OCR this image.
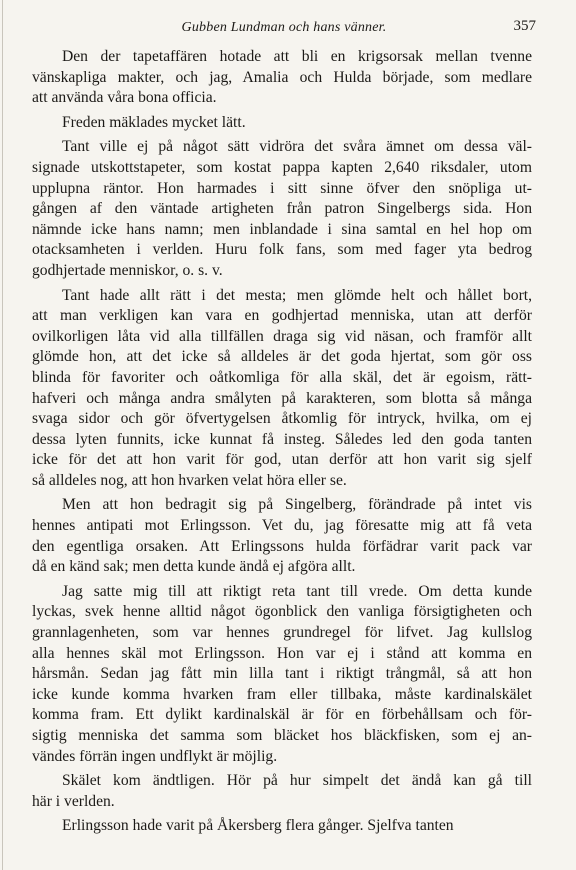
Gubben Lundman och hans vänner.	357
Den der tapetaffären hotade att bli en krigsorsak mellan tvenne
vänskapliga makter, och jag, Amalia och Hulda började, som medlare
att använda våra bona officia.
Freden mäklades mycket lätt.
Tant ville ej på något sätt vidröra det svåra ämnet om dessa väl-
signade utskottstapeter, som kostat pappa kapten 2,640 riksdaler, utom
upplupna räntor. Hon harmades i sitt sinne öfver den snöpliga ut-
gången af den väntade artigheten från patron Singelbergs sida. Hon
nämnde icke hans namn; men inblandade i sina samtal en hel hop om
otacksamheten i verlden. Huru folk fans, som med fager yta bedrog
godhjertade menniskor, o. s. v.
Tant hade allt rätt i det mesta; men glömde helt och hållet bort,
att man verkligen kan vara en godhjertad menniska, utan att derför
ovilkorligen låta vid alla tillfällen draga sig vid näsan, och framför allt
glömde hon, att det icke så alldeles är det goda hjertat, som gör oss
blinda för favoriter och oåtkomliga för alla skäl, det är egoism, rätt-
hafveri och många andra smålyten på karakteren, som blotta så många
svaga sidor och gör öfvertygelsen åtkomlig för intryck, hvilka, om ej
dessa lyten funnits, icke kunnat få insteg. Således led den goda tanten
icke för det att hon varit för god, utan derför att hon varit sig sjelf
så alldeles nog, att hon hvarken velat höra eller se.
Men att hon bedragit sig på Singelberg, förändrade på intet vis
hennes antipati mot Erlingsson. Vet du, jag föresatte mig att få veta
den egentliga orsaken. Att Erlingssons hulda förfädrar varit pack var
då en känd sak; men detta kunde ändå ej afgöra allt.
Jag satte mig till att riktigt reta tant till vrede. Om detta kunde
lyckas, svek henne alltid något ögonblick den vanliga försigtigheten och
grannlagenheten, som var hennes grundregel för lifvet. Jag kullslog
alla hennes skäl mot Erlingsson. Hon var ej i stånd att komma en
hårsmån. Sedan jag fått min lilla tant i riktigt trångmål, så att hon
icke kunde komma hvarken fram eller tillbaka, måste kardinalskälet
komma fram. Ett dylikt kardinalskäl är för en förbehållsam och för-
sigtig menniska det samma som bläcket hos bläckfisken, som ej an-
vändes förrän ingen undflykt är möjlig.
Skälet kom ändtligen. Hör på hur simpelt det ändå kan gå till
här i verlden.
Erlingsson hade varit på Åkersberg flera gånger. Sjelfva tanten
